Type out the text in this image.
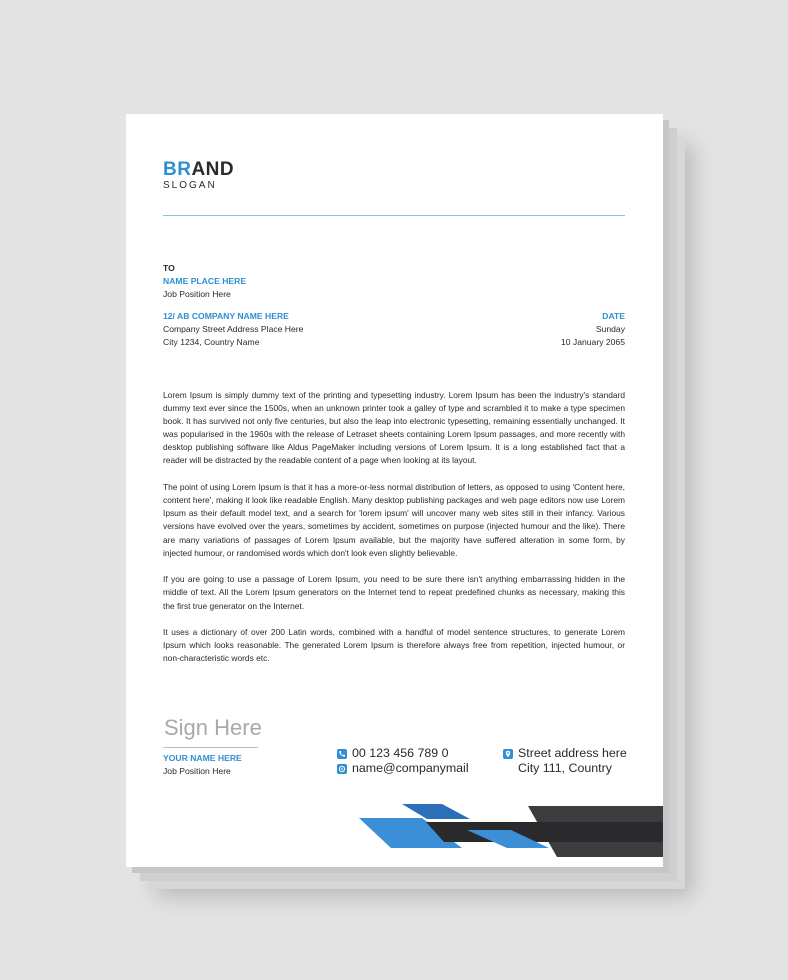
BRAND
SLOGAN
TO
NAME PLACE HERE
Job Position Here
12/ AB COMPANY NAME HERE
Company Street Address Place Here
City 1234, Country Name
DATE
Sunday
10 January 2065

Lorem Ipsum is simply dummy text of the printing and typesetting industry. Lorem Ipsum has been the industry's standard dummy text ever since the 1500s, when an unknown printer took a galley of type and scrambled it to make a type specimen book. It has survived not only five centuries, but also the leap into electronic typesetting, remaining essentially unchanged. It was popularised in the 1960s with the release of Letraset sheets containing Lorem Ipsum passages, and more recently with desktop publishing software like Aldus PageMaker including versions of Lorem Ipsum. It is a long established fact that a reader will be distracted by the readable content of a page when looking at its layout.

The point of using Lorem Ipsum is that it has a more-or-less normal distribution of letters, as opposed to using 'Content here, content here', making it look like readable English. Many desktop publishing packages and web page editors now use Lorem Ipsum as their default model text, and a search for 'lorem ipsum' will uncover many web sites still in their infancy. Various versions have evolved over the years, sometimes by accident, sometimes on purpose (injected humour and the like). There are many variations of passages of Lorem Ipsum available, but the majority have suffered alteration in some form, by injected humour, or randomised words which don't look even slightly believable.

If you are going to use a passage of Lorem Ipsum, you need to be sure there isn't anything embarrassing hidden in the middle of text. All the Lorem Ipsum generators on the Internet tend to repeat predefined chunks as necessary, making this the first true generator on the Internet.

It uses a dictionary of over 200 Latin words, combined with a handful of model sentence structures, to generate Lorem Ipsum which looks reasonable. The generated Lorem Ipsum is therefore always free from repetition, injected humour, or non-characteristic words etc.

Sign Here
YOUR NAME HERE
Job Position Here
00 123 456 789 0
name@companymail
Street address here
City 111, Country
